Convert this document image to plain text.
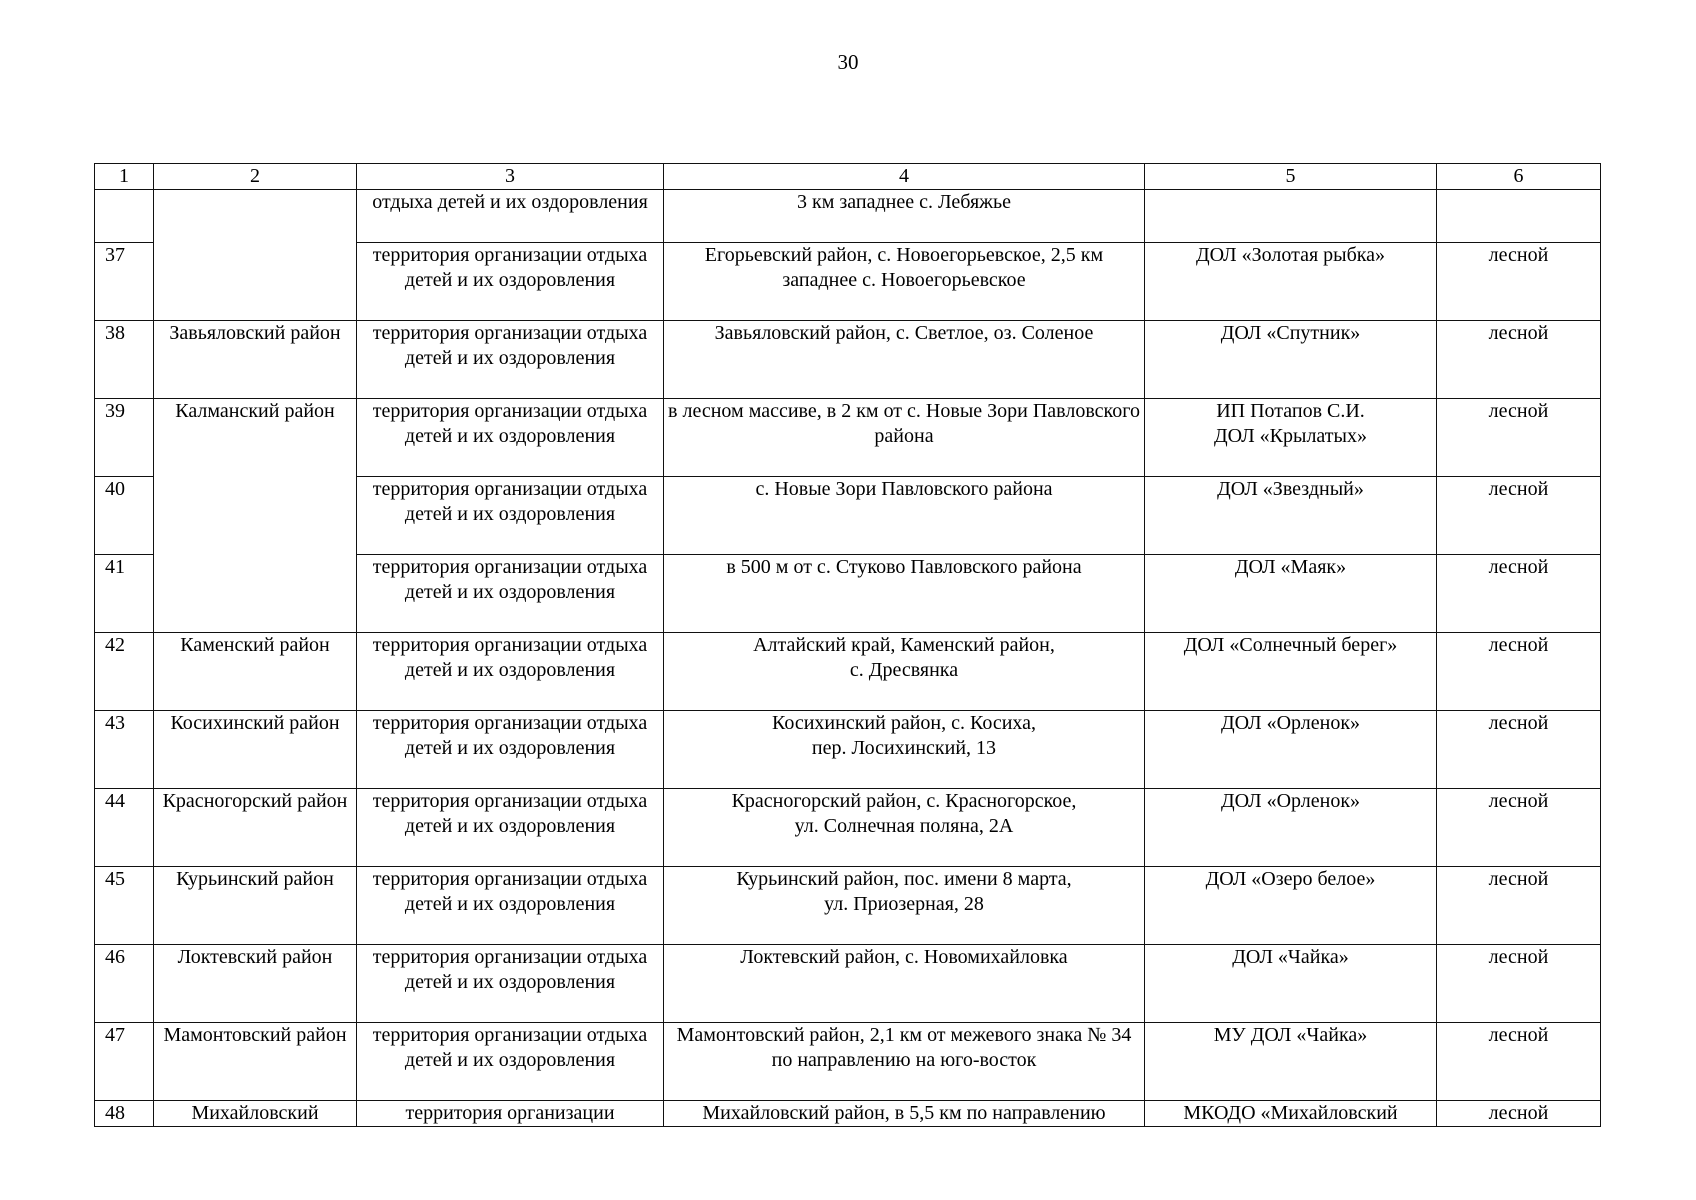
30
1	2	3	4	5	6
		отдыха детей и их оздоровления	3 км западнее с. Лебяжье		
37		территория организации отдыха детей и их оздоровления	Егорьевский район, с. Новоегорьевское, 2,5 км западнее с. Новоегорьевское	ДОЛ «Золотая рыбка»	лесной
38	Завьяловский район	территория организации отдыха детей и их оздоровления	Завьяловский район, с. Светлое, оз. Соленое	ДОЛ «Спутник»	лесной
39	Калманский район	территория организации отдыха детей и их оздоровления	в лесном массиве, в 2 км от с. Новые Зори Павловского района	ИП Потапов С.И.
ДОЛ «Крылатых»	лесной
40		территория организации отдыха детей и их оздоровления	с. Новые Зори Павловского района	ДОЛ «Звездный»	лесной
41		территория организации отдыха детей и их оздоровления	в 500 м от с. Стуково Павловского района	ДОЛ «Маяк»	лесной
42	Каменский район	территория организации отдыха детей и их оздоровления	Алтайский край, Каменский район,
с. Дресвянка	ДОЛ «Солнечный берег»	лесной
43	Косихинский район	территория организации отдыха детей и их оздоровления	Косихинский район, с. Косиха,
пер. Лосихинский, 13	ДОЛ «Орленок»	лесной
44	Красногорский район	территория организации отдыха детей и их оздоровления	Красногорский район, с. Красногорское,
ул. Солнечная поляна, 2А	ДОЛ «Орленок»	лесной
45	Курьинский район	территория организации отдыха детей и их оздоровления	Курьинский район, пос. имени 8 марта,
ул. Приозерная, 28	ДОЛ «Озеро белое»	лесной
46	Локтевский район	территория организации отдыха детей и их оздоровления	Локтевский район, с. Новомихайловка	ДОЛ «Чайка»	лесной
47	Мамонтовский район	территория организации отдыха детей и их оздоровления	Мамонтовский район, 2,1 км от межевого знака № 34 по направлению на юго-восток	МУ ДОЛ «Чайка»	лесной
48	Михайловский	территория организации	Михайловский район, в 5,5 км по направлению	МКОДО «Михайловский	лесной
